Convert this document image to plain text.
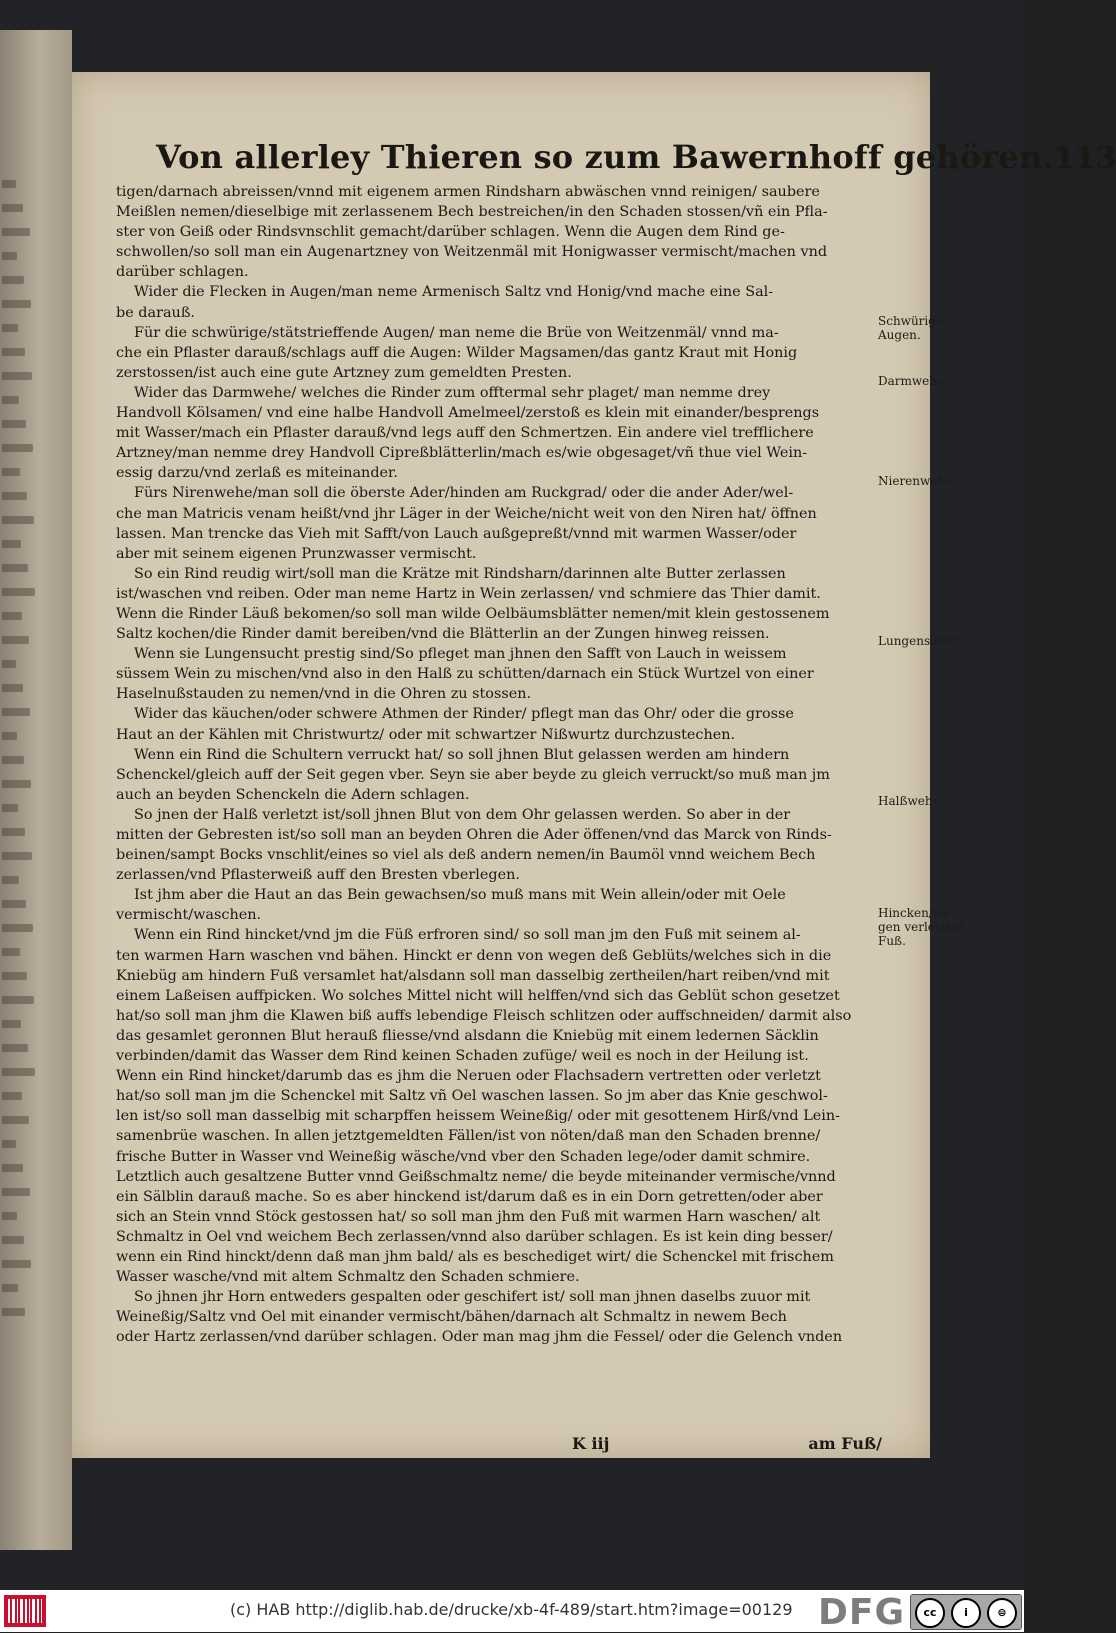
Von allerley Thieren so zum Bawernhoff gehören. 113
tigen/darnach abreissen/vnnd mit eigenem armen Rindsharn abwäschen vnnd reinigen/ saubere
Meißlen nemen/dieselbige mit zerlassenem Bech bestreichen/in den Schaden stossen/vñ ein Pfla-
ster von Geiß oder Rindsvnschlit gemacht/darüber schlagen. Wenn die Augen dem Rind ge-
schwollen/so soll man ein Augenartzney von Weitzenmäl mit Honigwasser vermischt/machen vnd
darüber schlagen.
Wider die Flecken in Augen/man neme Armenisch Saltz vnd Honig/vnd mache eine Sal-
be darauß.
Für die schwürige/stätstrieffende Augen/ man neme die Brüe von Weitzenmäl/ vnnd ma-
che ein Pflaster darauß/schlags auff die Augen: Wilder Magsamen/das gantz Kraut mit Honig
zerstossen/ist auch eine gute Artzney zum gemeldten Presten.
Wider das Darmwehe/ welches die Rinder zum offtermal sehr plaget/ man nemme drey
Handvoll Kölsamen/ vnd eine halbe Handvoll Amelmeel/zerstoß es klein mit einander/besprengs
mit Wasser/mach ein Pflaster darauß/vnd legs auff den Schmertzen. Ein andere viel trefflichere
Artzney/man nemme drey Handvoll Cipreßblätterlin/mach es/wie obgesaget/vñ thue viel Wein-
essig darzu/vnd zerlaß es miteinander.
Fürs Nirenwehe/man soll die öberste Ader/hinden am Ruckgrad/ oder die ander Ader/wel-
che man Matricis venam heißt/vnd jhr Läger in der Weiche/nicht weit von den Niren hat/ öffnen
lassen. Man trencke das Vieh mit Safft/von Lauch außgepreßt/vnnd mit warmen Wasser/oder
aber mit seinem eigenen Prunzwasser vermischt.
So ein Rind reudig wirt/soll man die Krätze mit Rindsharn/darinnen alte Butter zerlassen
ist/waschen vnd reiben. Oder man neme Hartz in Wein zerlassen/ vnd schmiere das Thier damit.
Wenn die Rinder Läuß bekomen/so soll man wilde Oelbäumsblätter nemen/mit klein gestossenem
Saltz kochen/die Rinder damit bereiben/vnd die Blätterlin an der Zungen hinweg reissen.
Wenn sie Lungensucht prestig sind/So pfleget man jhnen den Safft von Lauch in weissem
süssem Wein zu mischen/vnd also in den Halß zu schütten/darnach ein Stück Wurtzel von einer
Haselnußstauden zu nemen/vnd in die Ohren zu stossen.
Wider das käuchen/oder schwere Athmen der Rinder/ pflegt man das Ohr/ oder die grosse
Haut an der Kählen mit Christwurtz/ oder mit schwartzer Nißwurtz durchzustechen.
Wenn ein Rind die Schultern verruckt hat/ so soll jhnen Blut gelassen werden am hindern
Schenckel/gleich auff der Seit gegen vber. Seyn sie aber beyde zu gleich verruckt/so muß man jm
auch an beyden Schenckeln die Adern schlagen.
So jnen der Halß verletzt ist/soll jhnen Blut von dem Ohr gelassen werden. So aber in der
mitten der Gebresten ist/so soll man an beyden Ohren die Ader öffenen/vnd das Marck von Rinds-
beinen/sampt Bocks vnschlit/eines so viel als deß andern nemen/in Baumöl vnnd weichem Bech
zerlassen/vnd Pflasterweiß auff den Bresten vberlegen.
Ist jhm aber die Haut an das Bein gewachsen/so muß mans mit Wein allein/oder mit Oele
vermischt/waschen.
Wenn ein Rind hincket/vnd jm die Füß erfroren sind/ so soll man jm den Fuß mit seinem al-
ten warmen Harn waschen vnd bähen. Hinckt er denn von wegen deß Geblüts/welches sich in die
Kniebüg am hindern Fuß versamlet hat/alsdann soll man dasselbig zertheilen/hart reiben/vnd mit
einem Laßeisen auffpicken. Wo solches Mittel nicht will helffen/vnd sich das Geblüt schon gesetzet
hat/so soll man jhm die Klawen biß auffs lebendige Fleisch schlitzen oder auffschneiden/ darmit also
das gesamlet geronnen Blut herauß fliesse/vnd alsdann die Kniebüg mit einem ledernen Säcklin
verbinden/damit das Wasser dem Rind keinen Schaden zufüge/ weil es noch in der Heilung ist.
Wenn ein Rind hincket/darumb das es jhm die Neruen oder Flachsadern vertretten oder verletzt
hat/so soll man jm die Schenckel mit Saltz vñ Oel waschen lassen. So jm aber das Knie geschwol-
len ist/so soll man dasselbig mit scharpffen heissem Weineßig/ oder mit gesottenem Hirß/vnd Lein-
samenbrüe waschen. In allen jetztgemeldten Fällen/ist von nöten/daß man den Schaden brenne/
frische Butter in Wasser vnd Weineßig wäsche/vnd vber den Schaden lege/oder damit schmire.
Letztlich auch gesaltzene Butter vnnd Geißschmaltz neme/ die beyde miteinander vermische/vnnd
ein Sälblin darauß mache. So es aber hinckend ist/darum daß es in ein Dorn getretten/oder aber
sich an Stein vnnd Stöck gestossen hat/ so soll man jhm den Fuß mit warmen Harn waschen/ alt
Schmaltz in Oel vnd weichem Bech zerlassen/vnnd also darüber schlagen. Es ist kein ding besser/
wenn ein Rind hinckt/denn daß man jhm bald/ als es beschediget wirt/ die Schenckel mit frischem
Wasser wasche/vnd mit altem Schmaltz den Schaden schmiere.
So jhnen jhr Horn entweders gespalten oder geschifert ist/ soll man jhnen daselbs zuuor mit
Weineßig/Saltz vnd Oel mit einander vermischt/bähen/darnach alt Schmaltz in newem Bech
oder Hartz zerlassen/vnd darüber schlagen. Oder man mag jhm die Fessel/ oder die Gelench vnden
Schwürige Augen.
Darmwehe
Nierenwehe.
Lungensucht
Halßwehe.
Hincken/we gen verletztes Fuß.
K iij	am Fuß/
(c) HAB http://diglib.hab.de/drucke/xb-4f-489/start.htm?image=00129 DFG	cc	i	⊜
